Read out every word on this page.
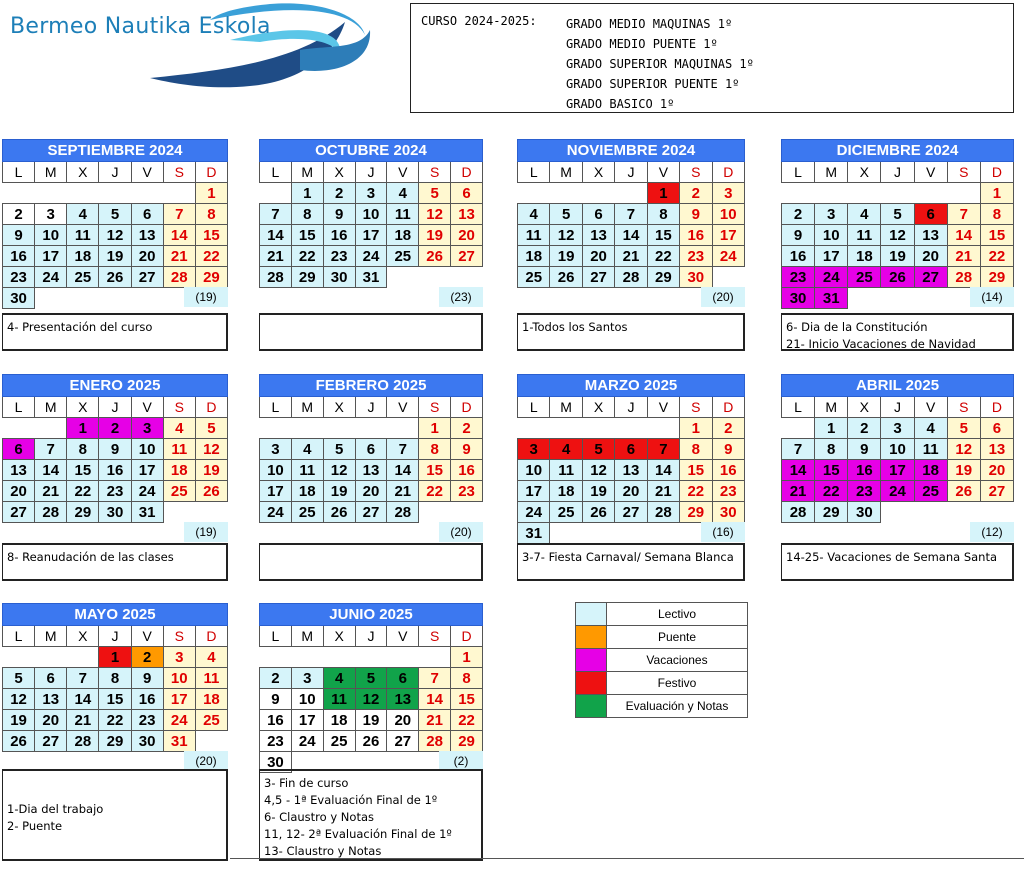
Bermeo Nautika Eskola	CURSO 2024-2025: GRADO MEDIO MAQUINAS 1º
GRADO MEDIO PUENTE 1º
GRADO SUPERIOR MAQUINAS 1º
GRADO SUPERIOR PUENTE 1º
GRADO BASICO 1º
SEPTIEMBRE 2024						
L	M	X	J	V	S	D
						1
2	3	4	5	6	7	8
9	10	11	12	13	14	15
16	17	18	19	20	21	22
23	24	25	26	27	28	29
30							(19)
4- Presentación del curso
OCTUBRE 2024						
L	M	X	J	V	S	D
	1	2	3	4	5	6
7	8	9	10	11	12	13
14	15	16	17	18	19	20
21	22	23	24	25	26	27
28	29	30	31			
(23)
NOVIEMBRE 2024						
L	M	X	J	V	S	D
				1	2	3
4	5	6	7	8	9	10
11	12	13	14	15	16	17
18	19	20	21	22	23	24
25	26	27	28	29	30	
(20)
1-Todos los Santos
DICIEMBRE 2024						
L	M	X	J	V	S	D
						1
2	3	4	5	6	7	8
9	10	11	12	13	14	15
16	17	18	19	20	21	22
23	24	25	26	27	28	29
30	31						(14)
6- Dia de la Constitución
21- Inicio Vacaciones de Navidad
ENERO 2025						
L	M	X	J	V	S	D
		1	2	3	4	5
6	7	8	9	10	11	12
13	14	15	16	17	18	19
20	21	22	23	24	25	26
27	28	29	30	31		
(19)
8- Reanudación de las clases
FEBRERO 2025						
L	M	X	J	V	S	D
					1	2
3	4	5	6	7	8	9
10	11	12	13	14	15	16
17	18	19	20	21	22	23
24	25	26	27	28		
(20)
MARZO 2025						
L	M	X	J	V	S	D
					1	2
3	4	5	6	7	8	9
10	11	12	13	14	15	16
17	18	19	20	21	22	23
24	25	26	27	28	29	30
31							(16)
3-7- Fiesta Carnaval/ Semana Blanca
ABRIL 2025						
L	M	X	J	V	S	D
	1	2	3	4	5	6
7	8	9	10	11	12	13
14	15	16	17	18	19	20
21	22	23	24	25	26	27
28	29	30				
(12)
14-25- Vacaciones de Semana Santa
MAYO 2025						
L	M	X	J	V	S	D
			1	2	3	4
5	6	7	8	9	10	11
12	13	14	15	16	17	18
19	20	21	22	23	24	25
26	27	28	29	30	31	
(20)
1-Dia del trabajo
2- Puente
JUNIO 2025						
L	M	X	J	V	S	D
						1
2	3	4	5	6	7	8
9	10	11	12	13	14	15
16	17	18	19	20	21	22
23	24	25	26	27	28	29
30							(2)
3- Fin de curso
4,5 - 1ª Evaluación Final de 1º
6- Claustro y Notas
11, 12- 2ª Evaluación Final de 1º
13- Claustro y Notas
	Lectivo
	Puente
	Vacaciones
	Festivo
	Evaluación y Notas
